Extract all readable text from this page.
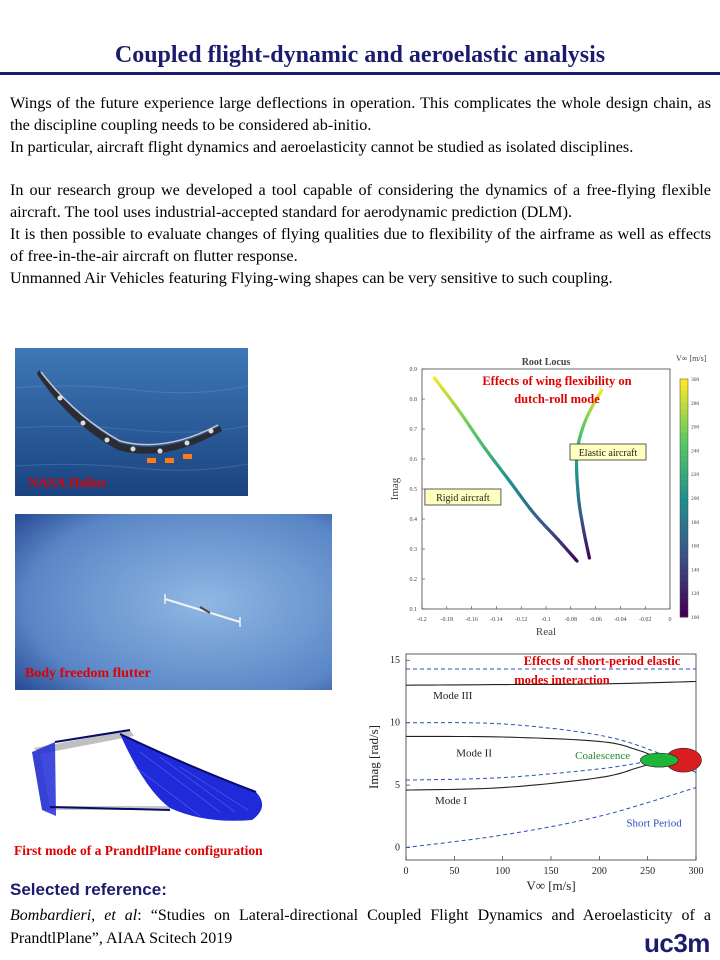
Coupled flight-dynamic and aeroelastic analysis

Wings of the future experience large deflections in operation. This complicates the whole design chain, as the discipline coupling needs to be considered ab-initio.

In particular, aircraft flight dynamics and aeroelasticity cannot be studied as isolated disciplines.

In our research group we developed a tool capable of considering the dynamics of a free-flying flexible aircraft. The tool uses industrial-accepted standard for aerodynamic prediction (DLM).

It is then possible to evaluate changes of flying qualities due to flexibility of the airframe as well as effects of free-in-the-air aircraft on flutter response.

Unmanned Air Vehicles featuring Flying-wing shapes can be very sensitive to such coupling.

NASA Helios
Body freedom flutter
First mode of a PrandtlPlane configuration
Root Locus
-0.2 -0.18 -0.16 -0.14 -0.12 -0.1 -0.08 -0.06 -0.04 -0.02	0
0.1
0.2
0.3
0.4
0.5
0.6
0.7
0.8
0.9
Real
Imag	Rigid aircraft
Elastic aircraft
Effects of wing flexibility on
dutch-roll mode
100
120
140
160
180
200
220
240
260
280
300
V∞ [m/s]
0	50	100	150	200	250	300
0
5
10
15
V∞ [m/s]
Imag [rad/s]
Mode III
Mode II
Mode I
Coalescence
Short Period
Effects of short-period elastic
modes interaction
Selected reference:
Bombardieri, et al: “Studies on Lateral-directional Coupled Flight Dynamics and Aeroelasticity of a PrandtlPlane”, AIAA Scitech 2019	uc3m
